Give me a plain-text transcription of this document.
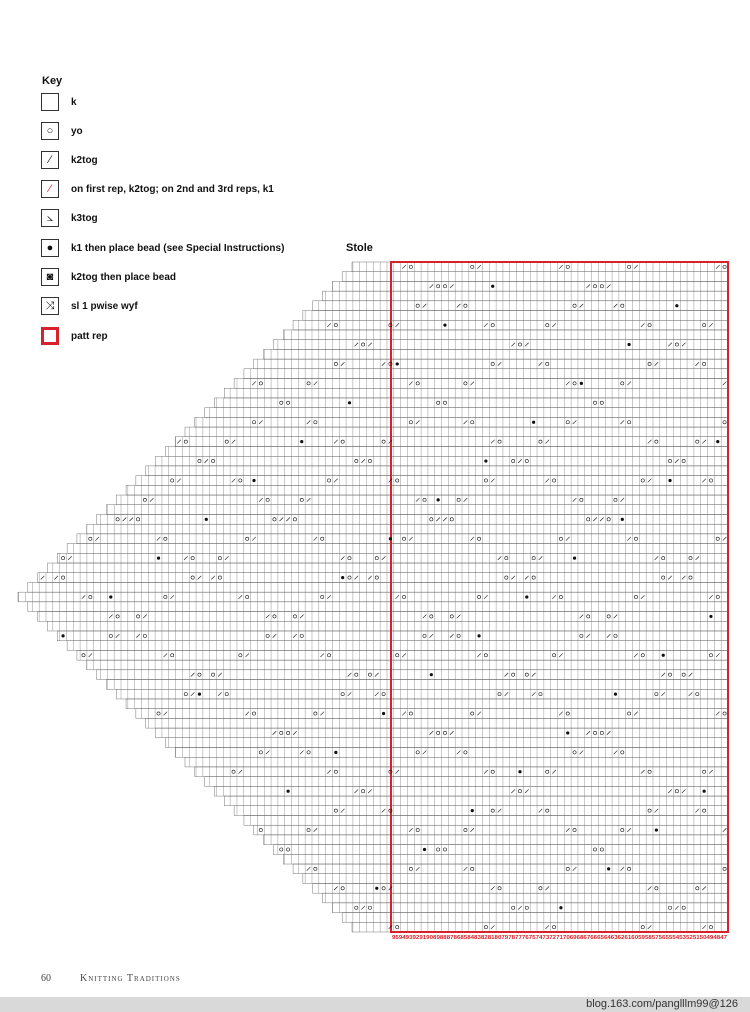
Key
k
○	yo
⁄	k2tog
⁄	on first rep, k2tog; on 2nd and 3rd reps, k1
⦣	k3tog
●	k1 then place bead (see Special Instructions)
◙	k2tog then place bead
⤨	sl 1 pwise wyf
patt rep
Stole
95949392919089888786858483828180797877767574737271706968676665646362616059585756555453525150494847
60	Knitting Traditions
blog.163.com/panglllm99@126
